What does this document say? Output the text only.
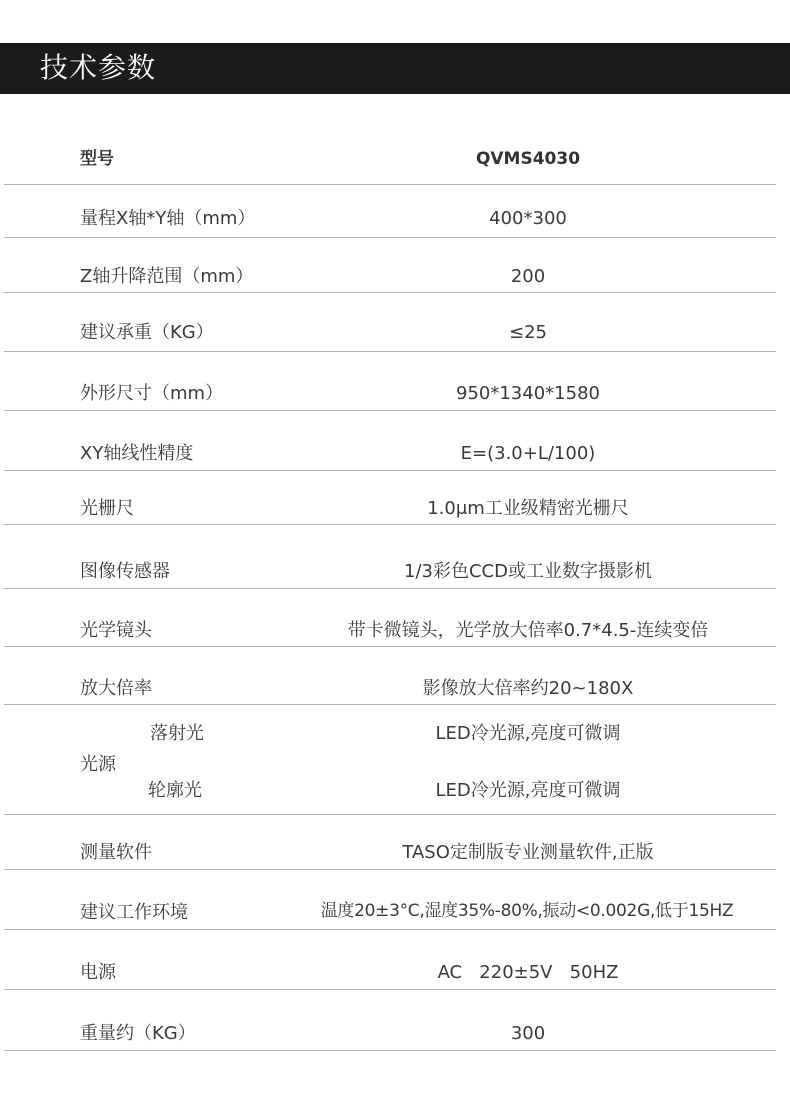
技术参数
型号	QVMS4030
量程X轴*Y轴（mm）	400*300
Z轴升降范围（mm）	200
建议承重（KG）	≤25
外形尺寸（mm）	950*1340*1580
XY轴线性精度	E=(3.0+L/100)
光栅尺	1.0μm工业级精密光栅尺
图像传感器	1/3彩色CCD或工业数字摄影机
光学镜头	带卡微镜头，光学放大倍率0.7*4.5-连续变倍
放大倍率	影像放大倍率约20~180X
光源
落射光	LED冷光源,亮度可微调
轮廓光	LED冷光源,亮度可微调
测量软件	TASO定制版专业测量软件,正版
建议工作环境	温度20±3°C,湿度35%-80%,振动<0.002G,低于15HZ
电源	AC   220±5V   50HZ
重量约（KG）	300
